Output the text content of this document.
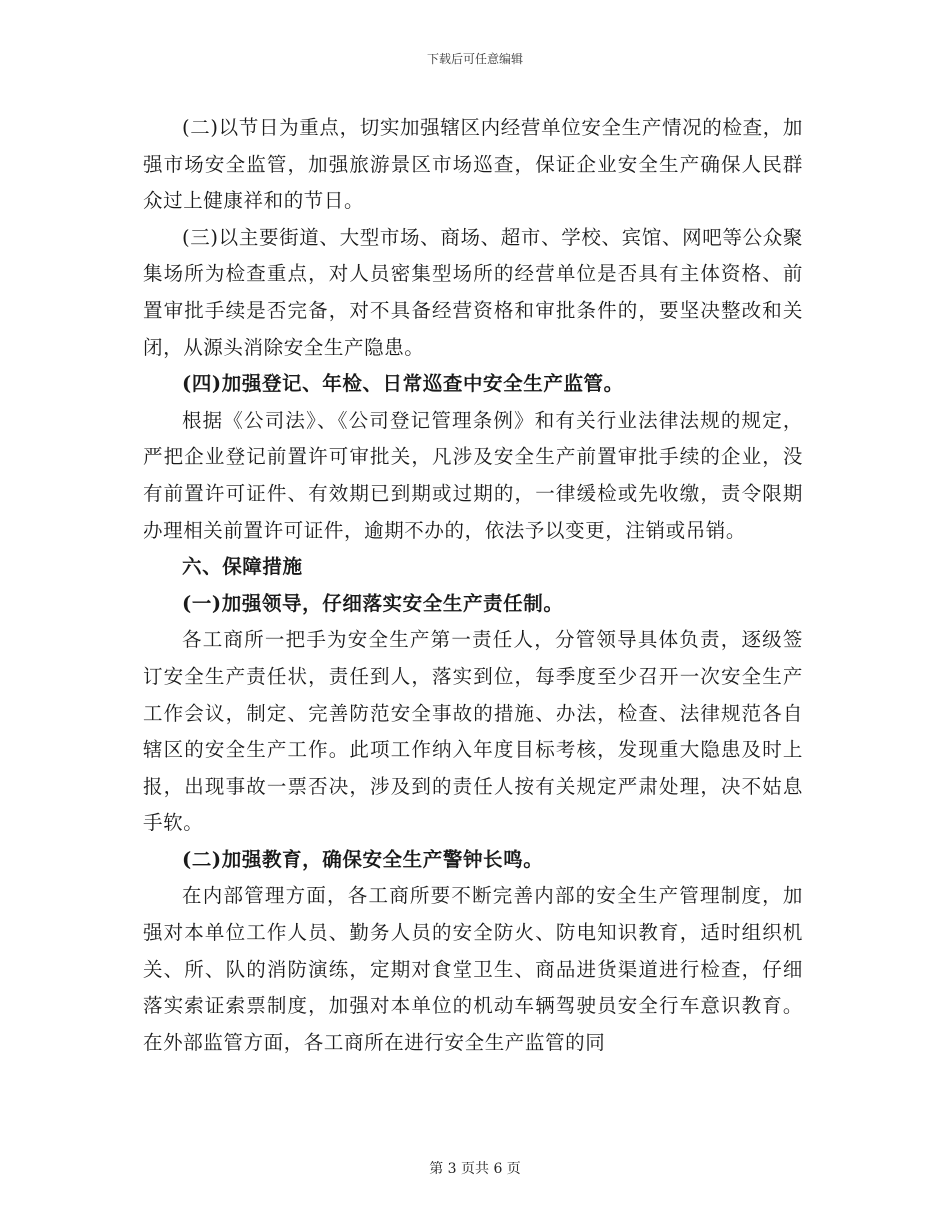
下载后可任意编辑

(二)以节日为重点，切实加强辖区内经营单位安全生产情况的检查，加强市场安全监管，加强旅游景区市场巡查，保证企业安全生产确保人民群众过上健康祥和的节日。

(三)以主要街道、大型市场、商场、超市、学校、宾馆、网吧等公众聚集场所为检查重点，对人员密集型场所的经营单位是否具有主体资格、前置审批手续是否完备，对不具备经营资格和审批条件的，要坚决整改和关闭，从源头消除安全生产隐患。

(四)加强登记、年检、日常巡查中安全生产监管。

根据《公司法》、《公司登记管理条例》和有关行业法律法规的规定，严把企业登记前置许可审批关，凡涉及安全生产前置审批手续的企业，没有前置许可证件、有效期已到期或过期的，一律缓检或先收缴，责令限期办理相关前置许可证件，逾期不办的，依法予以变更，注销或吊销。

六、保障措施

(一)加强领导，仔细落实安全生产责任制。

各工商所一把手为安全生产第一责任人，分管领导具体负责，逐级签订安全生产责任状，责任到人，落实到位，每季度至少召开一次安全生产工作会议，制定、完善防范安全事故的措施、办法，检查、法律规范各自辖区的安全生产工作。此项工作纳入年度目标考核，发现重大隐患及时上报，出现事故一票否决，涉及到的责任人按有关规定严肃处理，决不姑息手软。

(二)加强教育，确保安全生产警钟长鸣。

在内部管理方面，各工商所要不断完善内部的安全生产管理制度，加强对本单位工作人员、勤务人员的安全防火、防电知识教育，适时组织机关、所、队的消防演练，定期对食堂卫生、商品进货渠道进行检查，仔细落实索证索票制度，加强对本单位的机动车辆驾驶员安全行车意识教育。在外部监管方面，各工商所在进行安全生产监管的同

第 3 页共 6 页
